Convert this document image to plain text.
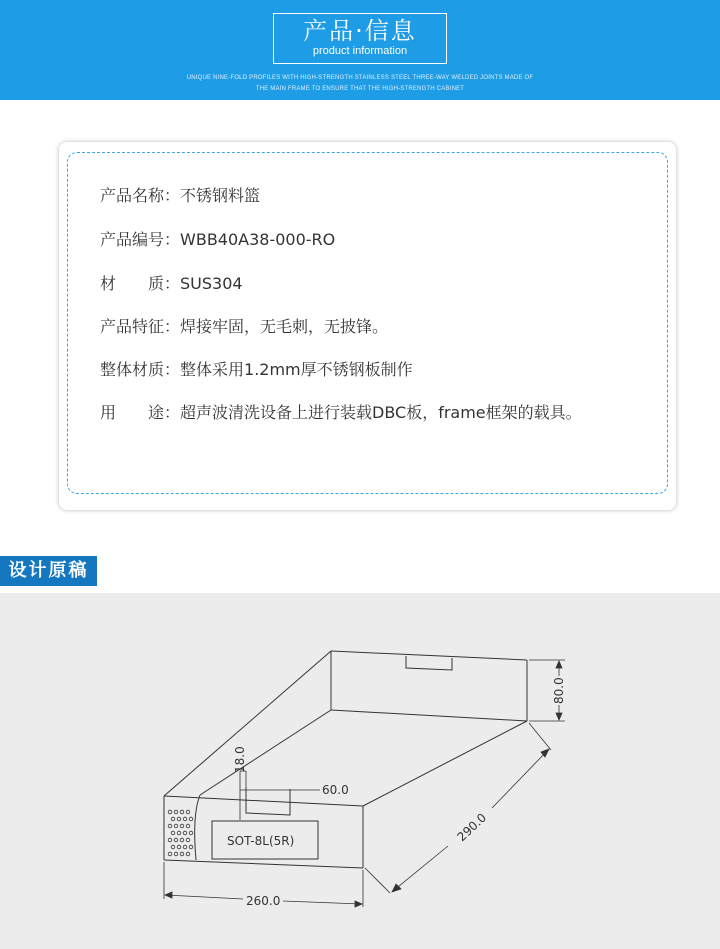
产品·信息
product information
UNIQUE NINE-FOLD PROFILES WITH HIGH-STRENGTH STAINLESS STEEL THREE-WAY WELDED JOINTS MADE OF
THE MAIN FRAME TO ENSURE THAT THE HIGH-STRENGTH CABINET
产品名称：不锈钢料篮
产品编号：WBB40A38-000-RO
材　　质：SUS304
产品特征：焊接牢固，无毛刺，无披锋。
整体材质：整体采用1.2mm厚不锈钢板制作
用　　途：超声波清洗设备上进行装载DBC板，frame框架的载具。
设计原稿
80.0
290.0
260.0
60.0
18.0
SOT-8L(5R)
